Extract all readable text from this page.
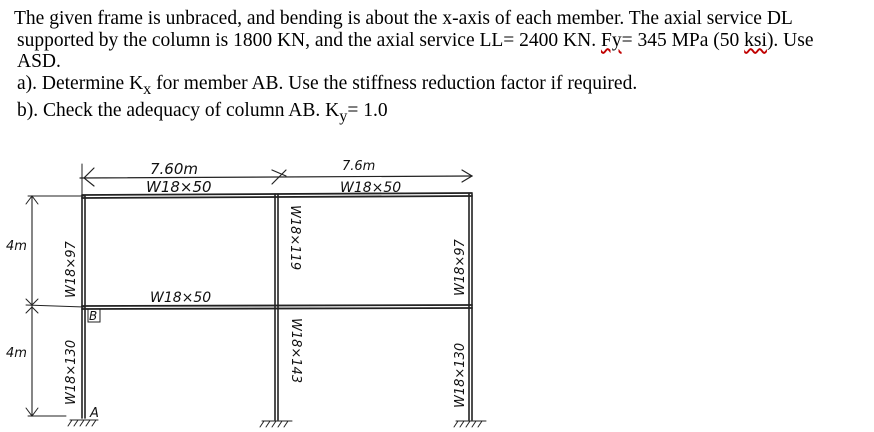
The given frame is unbraced, and bending is about the x-axis of each member. The axial service DL
supported by the column is 1800 KN, and the axial service LL= 2400 KN. Fy= 345 MPa (50 ksi). Use
ASD.
a). Determine $K_x$ for member AB. Use the stiffness reduction factor if required.
b). Check the adequacy of column AB. $K_y= 1.0$
7.60m	7.6m
W18×50	W18×50
W18×50
4m
4m
W18×97
W18×130
W18×119
W18×143
W18×97
W18×130
B
A
